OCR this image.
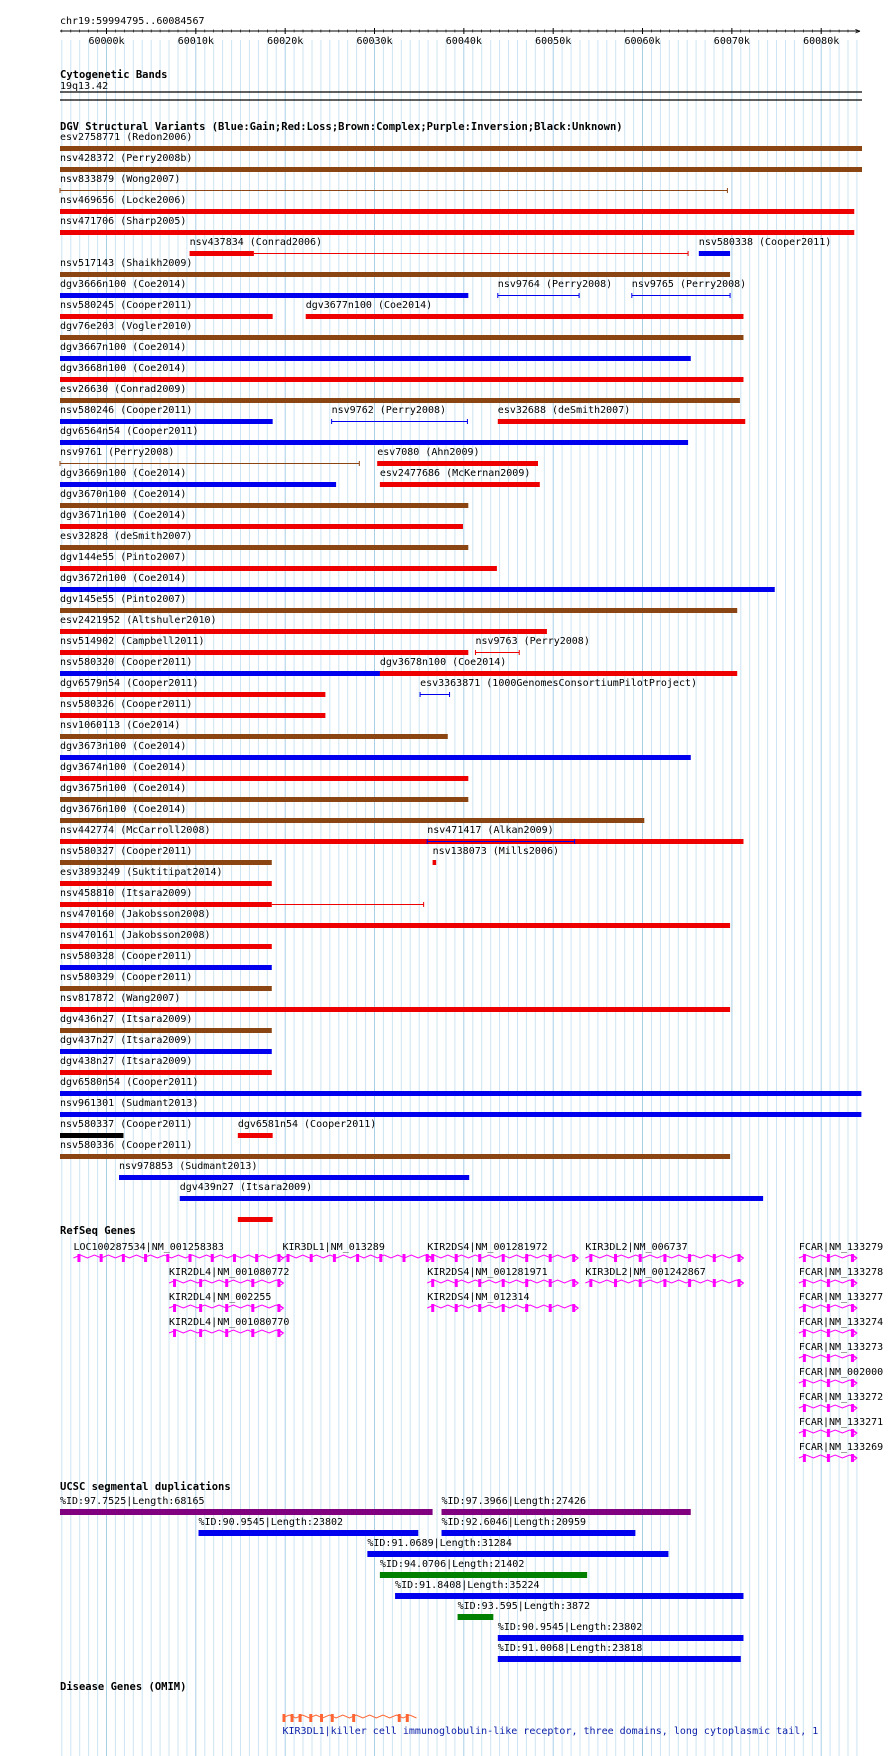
chr19:59994795..60084567
>
60000k	60010k	60020k	60030k	60040k	60050k	60060k	60070k	60080k
Cytogenetic Bands
19q13.42
DGV Structural Variants (Blue:Gain;Red:Loss;Brown:Complex;Purple:Inversion;Black:Unknown)
esv2758771 (Redon2006)
nsv428372 (Perry2008b)
nsv833879 (Wong2007)
nsv469656 (Locke2006)
nsv471706 (Sharp2005)
nsv437834 (Conrad2006)	nsv580338 (Cooper2011)
nsv517143 (Shaikh2009)
dgv3666n100 (Coe2014)	nsv9764 (Perry2008) nsv9765 (Perry2008)
nsv580245 (Cooper2011)	dgv3677n100 (Coe2014)
dgv76e203 (Vogler2010)
dgv3667n100 (Coe2014)
dgv3668n100 (Coe2014)
esv26630 (Conrad2009)
nsv580246 (Cooper2011)	nsv9762 (Perry2008)	esv32688 (deSmith2007)
dgv6564n54 (Cooper2011)
nsv9761 (Perry2008)	esv7080 (Ahn2009)
dgv3669n100 (Coe2014)	esv2477686 (McKernan2009)
dgv3670n100 (Coe2014)
dgv3671n100 (Coe2014)
esv32828 (deSmith2007)
dgv144e55 (Pinto2007)
dgv3672n100 (Coe2014)
dgv145e55 (Pinto2007)
esv2421952 (Altshuler2010)
nsv514902 (Campbell2011)	nsv9763 (Perry2008)
nsv580320 (Cooper2011)	dgv3678n100 (Coe2014)
dgv6579n54 (Cooper2011)	esv3363871 (1000GenomesConsortiumPilotProject)
nsv580326 (Cooper2011)
nsv1060113 (Coe2014)
dgv3673n100 (Coe2014)
dgv3674n100 (Coe2014)
dgv3675n100 (Coe2014)
dgv3676n100 (Coe2014)
nsv442774 (McCarroll2008)	nsv471417 (Alkan2009)
nsv580327 (Cooper2011)	nsv138073 (Mills2006)
esv3893249 (Suktitipat2014)
nsv458810 (Itsara2009)
nsv470160 (Jakobsson2008)
nsv470161 (Jakobsson2008)
nsv580328 (Cooper2011)
nsv580329 (Cooper2011)
nsv817872 (Wang2007)
dgv436n27 (Itsara2009)
dgv437n27 (Itsara2009)
dgv438n27 (Itsara2009)
dgv6580n54 (Cooper2011)
nsv961301 (Sudmant2013)
nsv580337 (Cooper2011)	dgv6581n54 (Cooper2011)
nsv580336 (Cooper2011)
nsv978853 (Sudmant2013)
dgv439n27 (Itsara2009)
RefSeq Genes
LOC100287534|NM_001258383	KIR3DL1|NM_013289	KIR2DS4|NM_001281972	KIR3DL2|NM_006737	FCAR|NM_133279
KIR2DL4|NM_001080772	KIR2DS4|NM_001281971	KIR3DL2|NM_001242867	FCAR|NM_133278
KIR2DL4|NM_002255	KIR2DS4|NM_012314	FCAR|NM_133277
KIR2DL4|NM_001080770	FCAR|NM_133274
FCAR|NM_133273
FCAR|NM_002000
FCAR|NM_133272
FCAR|NM_133271
FCAR|NM_133269
UCSC segmental duplications
%ID:97.7525|Length:68165	%ID:97.3966|Length:27426
%ID:90.9545|Length:23802	%ID:92.6046|Length:20959
%ID:91.0689|Length:31284
%ID:94.0706|Length:21402
%ID:91.8408|Length:35224
%ID:93.595|Length:3872
%ID:90.9545|Length:23802
%ID:91.0068|Length:23818
Disease Genes (OMIM)
KIR3DL1|killer cell immunoglobulin-like receptor, three domains, long cytoplasmic tail, 1
